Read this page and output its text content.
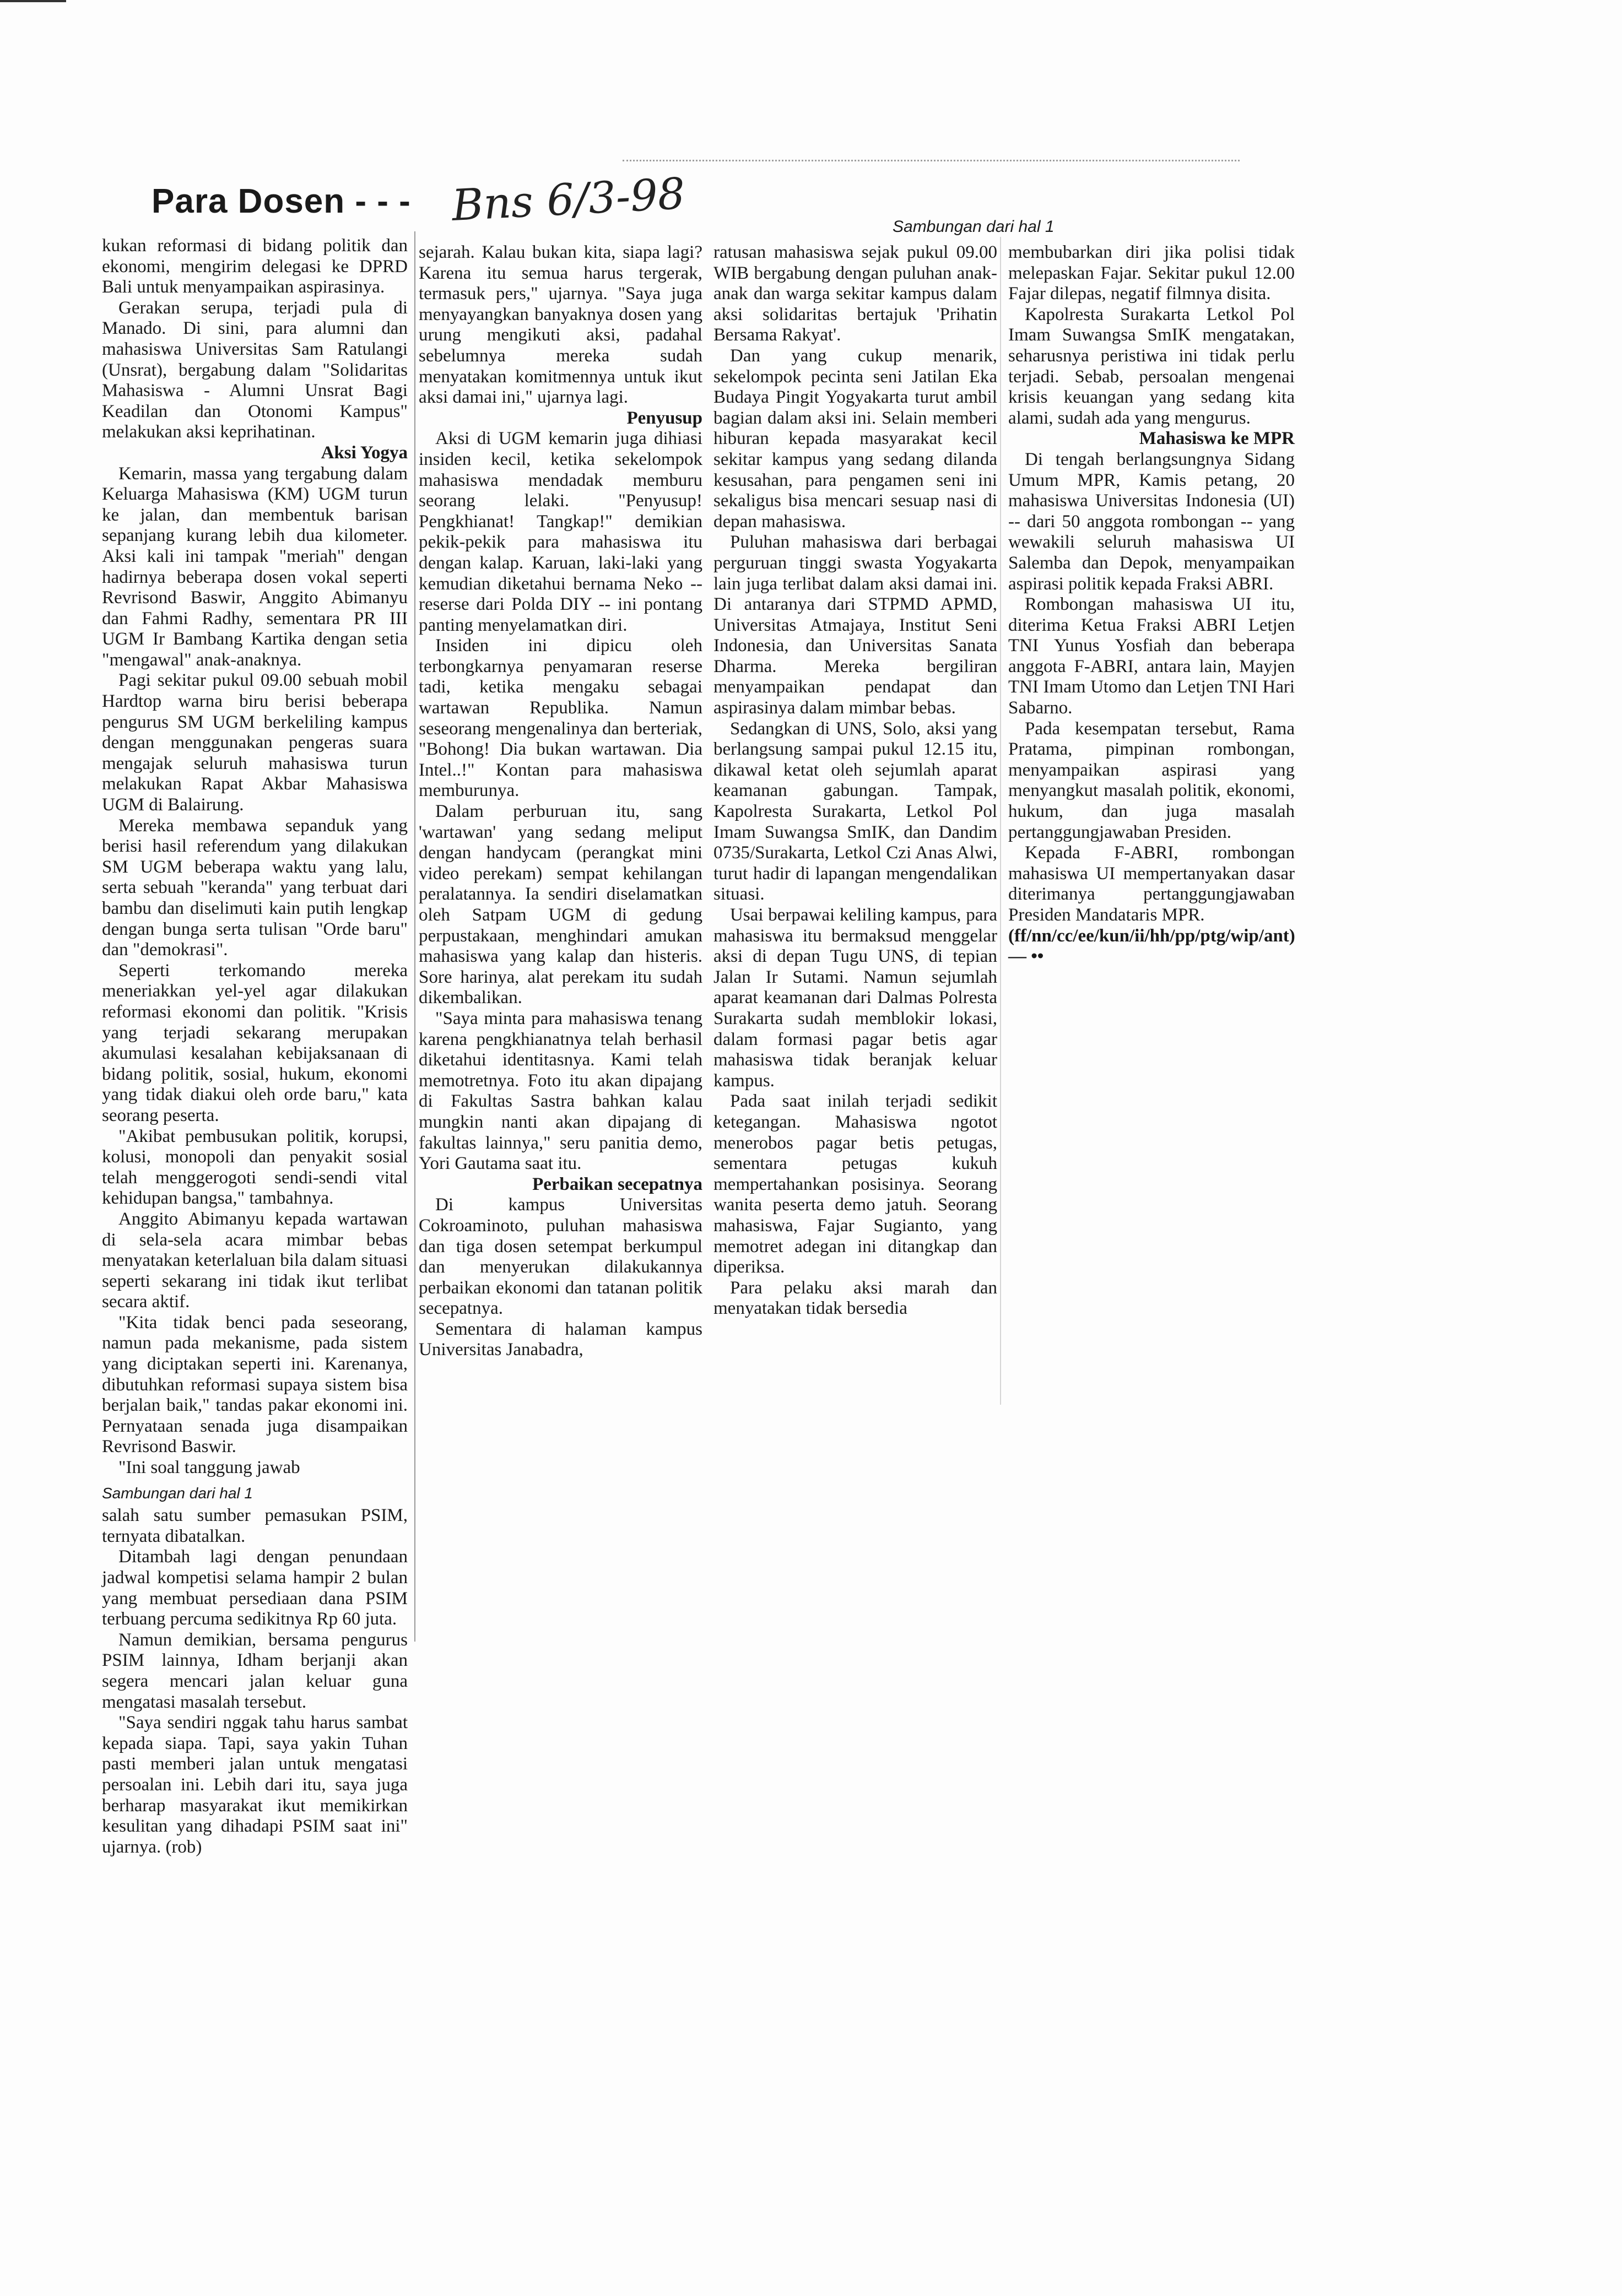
Para Dosen - - - Bns 6/3-98	Sambungan dari hal 1

kukan reformasi di bidang politik dan ekonomi, mengirim delegasi ke DPRD Bali untuk menyampaikan aspirasinya.

Gerakan serupa, terjadi pula di Manado. Di sini, para alumni dan mahasiswa Universitas Sam Ratulangi (Unsrat), bergabung dalam "Solidaritas Mahasiswa - Alumni Unsrat Bagi Keadilan dan Otonomi Kampus" melakukan aksi keprihatinan.

Aksi Yogya

Kemarin, massa yang tergabung dalam Keluarga Mahasiswa (KM) UGM turun ke jalan, dan membentuk barisan sepanjang kurang lebih dua kilometer. Aksi kali ini tampak "meriah" dengan hadirnya beberapa dosen vokal seperti Revrisond Baswir, Anggito Abimanyu dan Fahmi Radhy, sementara PR III UGM Ir Bambang Kartika dengan setia "mengawal" anak-anaknya.

Pagi sekitar pukul 09.00 sebuah mobil Hardtop warna biru berisi beberapa pengurus SM UGM berkeliling kampus dengan menggunakan pengeras suara mengajak seluruh mahasiswa turun melakukan Rapat Akbar Mahasiswa UGM di Balairung.

Mereka membawa sepanduk yang berisi hasil referendum yang dilakukan SM UGM beberapa waktu yang lalu, serta sebuah "keranda" yang terbuat dari bambu dan diselimuti kain putih lengkap dengan bunga serta tulisan "Orde baru" dan "demokrasi".

Seperti terkomando mereka meneriakkan yel-yel agar dilakukan reformasi ekonomi dan politik. "Krisis yang terjadi sekarang merupakan akumulasi kesalahan kebijaksanaan di bidang politik, sosial, hukum, ekonomi yang tidak diakui oleh orde baru," kata seorang peserta.

"Akibat pembusukan politik, korupsi, kolusi, monopoli dan penyakit sosial telah menggerogoti sendi-sendi vital kehidupan bangsa," tambahnya.

Anggito Abimanyu kepada wartawan di sela-sela acara mimbar bebas menyatakan keterlaluan bila dalam situasi seperti sekarang ini tidak ikut terlibat secara aktif.

"Kita tidak benci pada seseorang, namun pada mekanisme, pada sistem yang diciptakan seperti ini. Karenanya, dibutuhkan reformasi supaya sistem bisa berjalan baik," tandas pakar ekonomi ini. Pernyataan senada juga disampaikan Revrisond Baswir.

"Ini soal tanggung jawab

Sambungan dari hal 1

salah satu sumber pemasukan PSIM, ternyata dibatalkan.

Ditambah lagi dengan penundaan jadwal kompetisi selama hampir 2 bulan yang membuat persediaan dana PSIM terbuang percuma sedikitnya Rp 60 juta.

Namun demikian, bersama pengurus PSIM lainnya, Idham berjanji akan segera mencari jalan keluar guna mengatasi masalah tersebut.

"Saya sendiri nggak tahu harus sambat kepada siapa. Tapi, saya yakin Tuhan pasti memberi jalan untuk mengatasi persoalan ini. Lebih dari itu, saya juga berharap masyarakat ikut memikirkan kesulitan yang dihadapi PSIM saat ini" ujarnya. (rob)

sejarah. Kalau bukan kita, siapa lagi? Karena itu semua harus tergerak, termasuk pers," ujarnya. "Saya juga menyayangkan banyaknya dosen yang urung mengikuti aksi, padahal sebelumnya mereka sudah menyatakan komitmennya untuk ikut aksi damai ini," ujarnya lagi.

Penyusup

Aksi di UGM kemarin juga dihiasi insiden kecil, ketika sekelompok mahasiswa mendadak memburu seorang lelaki. "Penyusup! Pengkhianat! Tangkap!" demikian pekik-pekik para mahasiswa itu dengan kalap. Karuan, laki-laki yang kemudian diketahui bernama Neko -- reserse dari Polda DIY -- ini pontang panting menyelamatkan diri.

Insiden ini dipicu oleh terbongkarnya penyamaran reserse tadi, ketika mengaku sebagai wartawan Republika. Namun seseorang mengenalinya dan berteriak, "Bohong! Dia bukan wartawan. Dia Intel..!" Kontan para mahasiswa memburunya.

Dalam perburuan itu, sang 'wartawan' yang sedang meliput dengan handycam (perangkat mini video perekam) sempat kehilangan peralatannya. Ia sendiri diselamatkan oleh Satpam UGM di gedung perpustakaan, menghindari amukan mahasiswa yang kalap dan histeris. Sore harinya, alat perekam itu sudah dikembalikan.

"Saya minta para mahasiswa tenang karena pengkhianatnya telah berhasil diketahui identitasnya. Kami telah memotretnya. Foto itu akan dipajang di Fakultas Sastra bahkan kalau mungkin nanti akan dipajang di fakultas lainnya," seru panitia demo, Yori Gautama saat itu.

Perbaikan secepatnya

Di kampus Universitas Cokroaminoto, puluhan mahasiswa dan tiga dosen setempat berkumpul dan menyerukan dilakukannya perbaikan ekonomi dan tatanan politik secepatnya.

Sementara di halaman kampus Universitas Janabadra,

ratusan mahasiswa sejak pukul 09.00 WIB bergabung dengan puluhan anak-anak dan warga sekitar kampus dalam aksi solidaritas bertajuk 'Prihatin Bersama Rakyat'.

Dan yang cukup menarik, sekelompok pecinta seni Jatilan Eka Budaya Pingit Yogyakarta turut ambil bagian dalam aksi ini. Selain memberi hiburan kepada masyarakat kecil sekitar kampus yang sedang dilanda kesusahan, para pengamen seni ini sekaligus bisa mencari sesuap nasi di depan mahasiswa.

Puluhan mahasiswa dari berbagai perguruan tinggi swasta Yogyakarta lain juga terlibat dalam aksi damai ini. Di antaranya dari STPMD APMD, Universitas Atmajaya, Institut Seni Indonesia, dan Universitas Sanata Dharma. Mereka bergiliran menyampaikan pendapat dan aspirasinya dalam mimbar bebas.

Sedangkan di UNS, Solo, aksi yang berlangsung sampai pukul 12.15 itu, dikawal ketat oleh sejumlah aparat keamanan gabungan. Tampak, Kapolresta Surakarta, Letkol Pol Imam Suwangsa SmIK, dan Dandim 0735/Surakarta, Letkol Czi Anas Alwi, turut hadir di lapangan mengendalikan situasi.

Usai berpawai keliling kampus, para mahasiswa itu bermaksud menggelar aksi di depan Tugu UNS, di tepian Jalan Ir Sutami. Namun sejumlah aparat keamanan dari Dalmas Polresta Surakarta sudah memblokir lokasi, dalam formasi pagar betis agar mahasiswa tidak beranjak keluar kampus.

Pada saat inilah terjadi sedikit ketegangan. Mahasiswa ngotot menerobos pagar betis petugas, sementara petugas kukuh mempertahankan posisinya. Seorang wanita peserta demo jatuh. Seorang mahasiswa, Fajar Sugianto, yang memotret adegan ini ditangkap dan diperiksa.

Para pelaku aksi marah dan menyatakan tidak bersedia

membubarkan diri jika polisi tidak melepaskan Fajar. Sekitar pukul 12.00 Fajar dilepas, negatif filmnya disita.

Kapolresta Surakarta Letkol Pol Imam Suwangsa SmIK mengatakan, seharusnya peristiwa ini tidak perlu terjadi. Sebab, persoalan mengenai krisis keuangan yang sedang kita alami, sudah ada yang mengurus.

Mahasiswa ke MPR

Di tengah berlangsungnya Sidang Umum MPR, Kamis petang, 20 mahasiswa Universitas Indonesia (UI) -- dari 50 anggota rombongan -- yang wewakili seluruh mahasiswa UI Salemba dan Depok, menyampaikan aspirasi politik kepada Fraksi ABRI.

Rombongan mahasiswa UI itu, diterima Ketua Fraksi ABRI Letjen TNI Yunus Yosfiah dan beberapa anggota F-ABRI, antara lain, Mayjen TNI Imam Utomo dan Letjen TNI Hari Sabarno.

Pada kesempatan tersebut, Rama Pratama, pimpinan rombongan, menyampaikan aspirasi yang menyangkut masalah politik, ekonomi, hukum, dan juga masalah pertanggungjawaban Presiden.

Kepada F-ABRI, rombongan mahasiswa UI mempertanyakan dasar diterimanya pertanggungjawaban Presiden Mandataris MPR.

(ff/nn/cc/ee/kun/ii/hh/pp/ptg/wip/ant)

— ••
